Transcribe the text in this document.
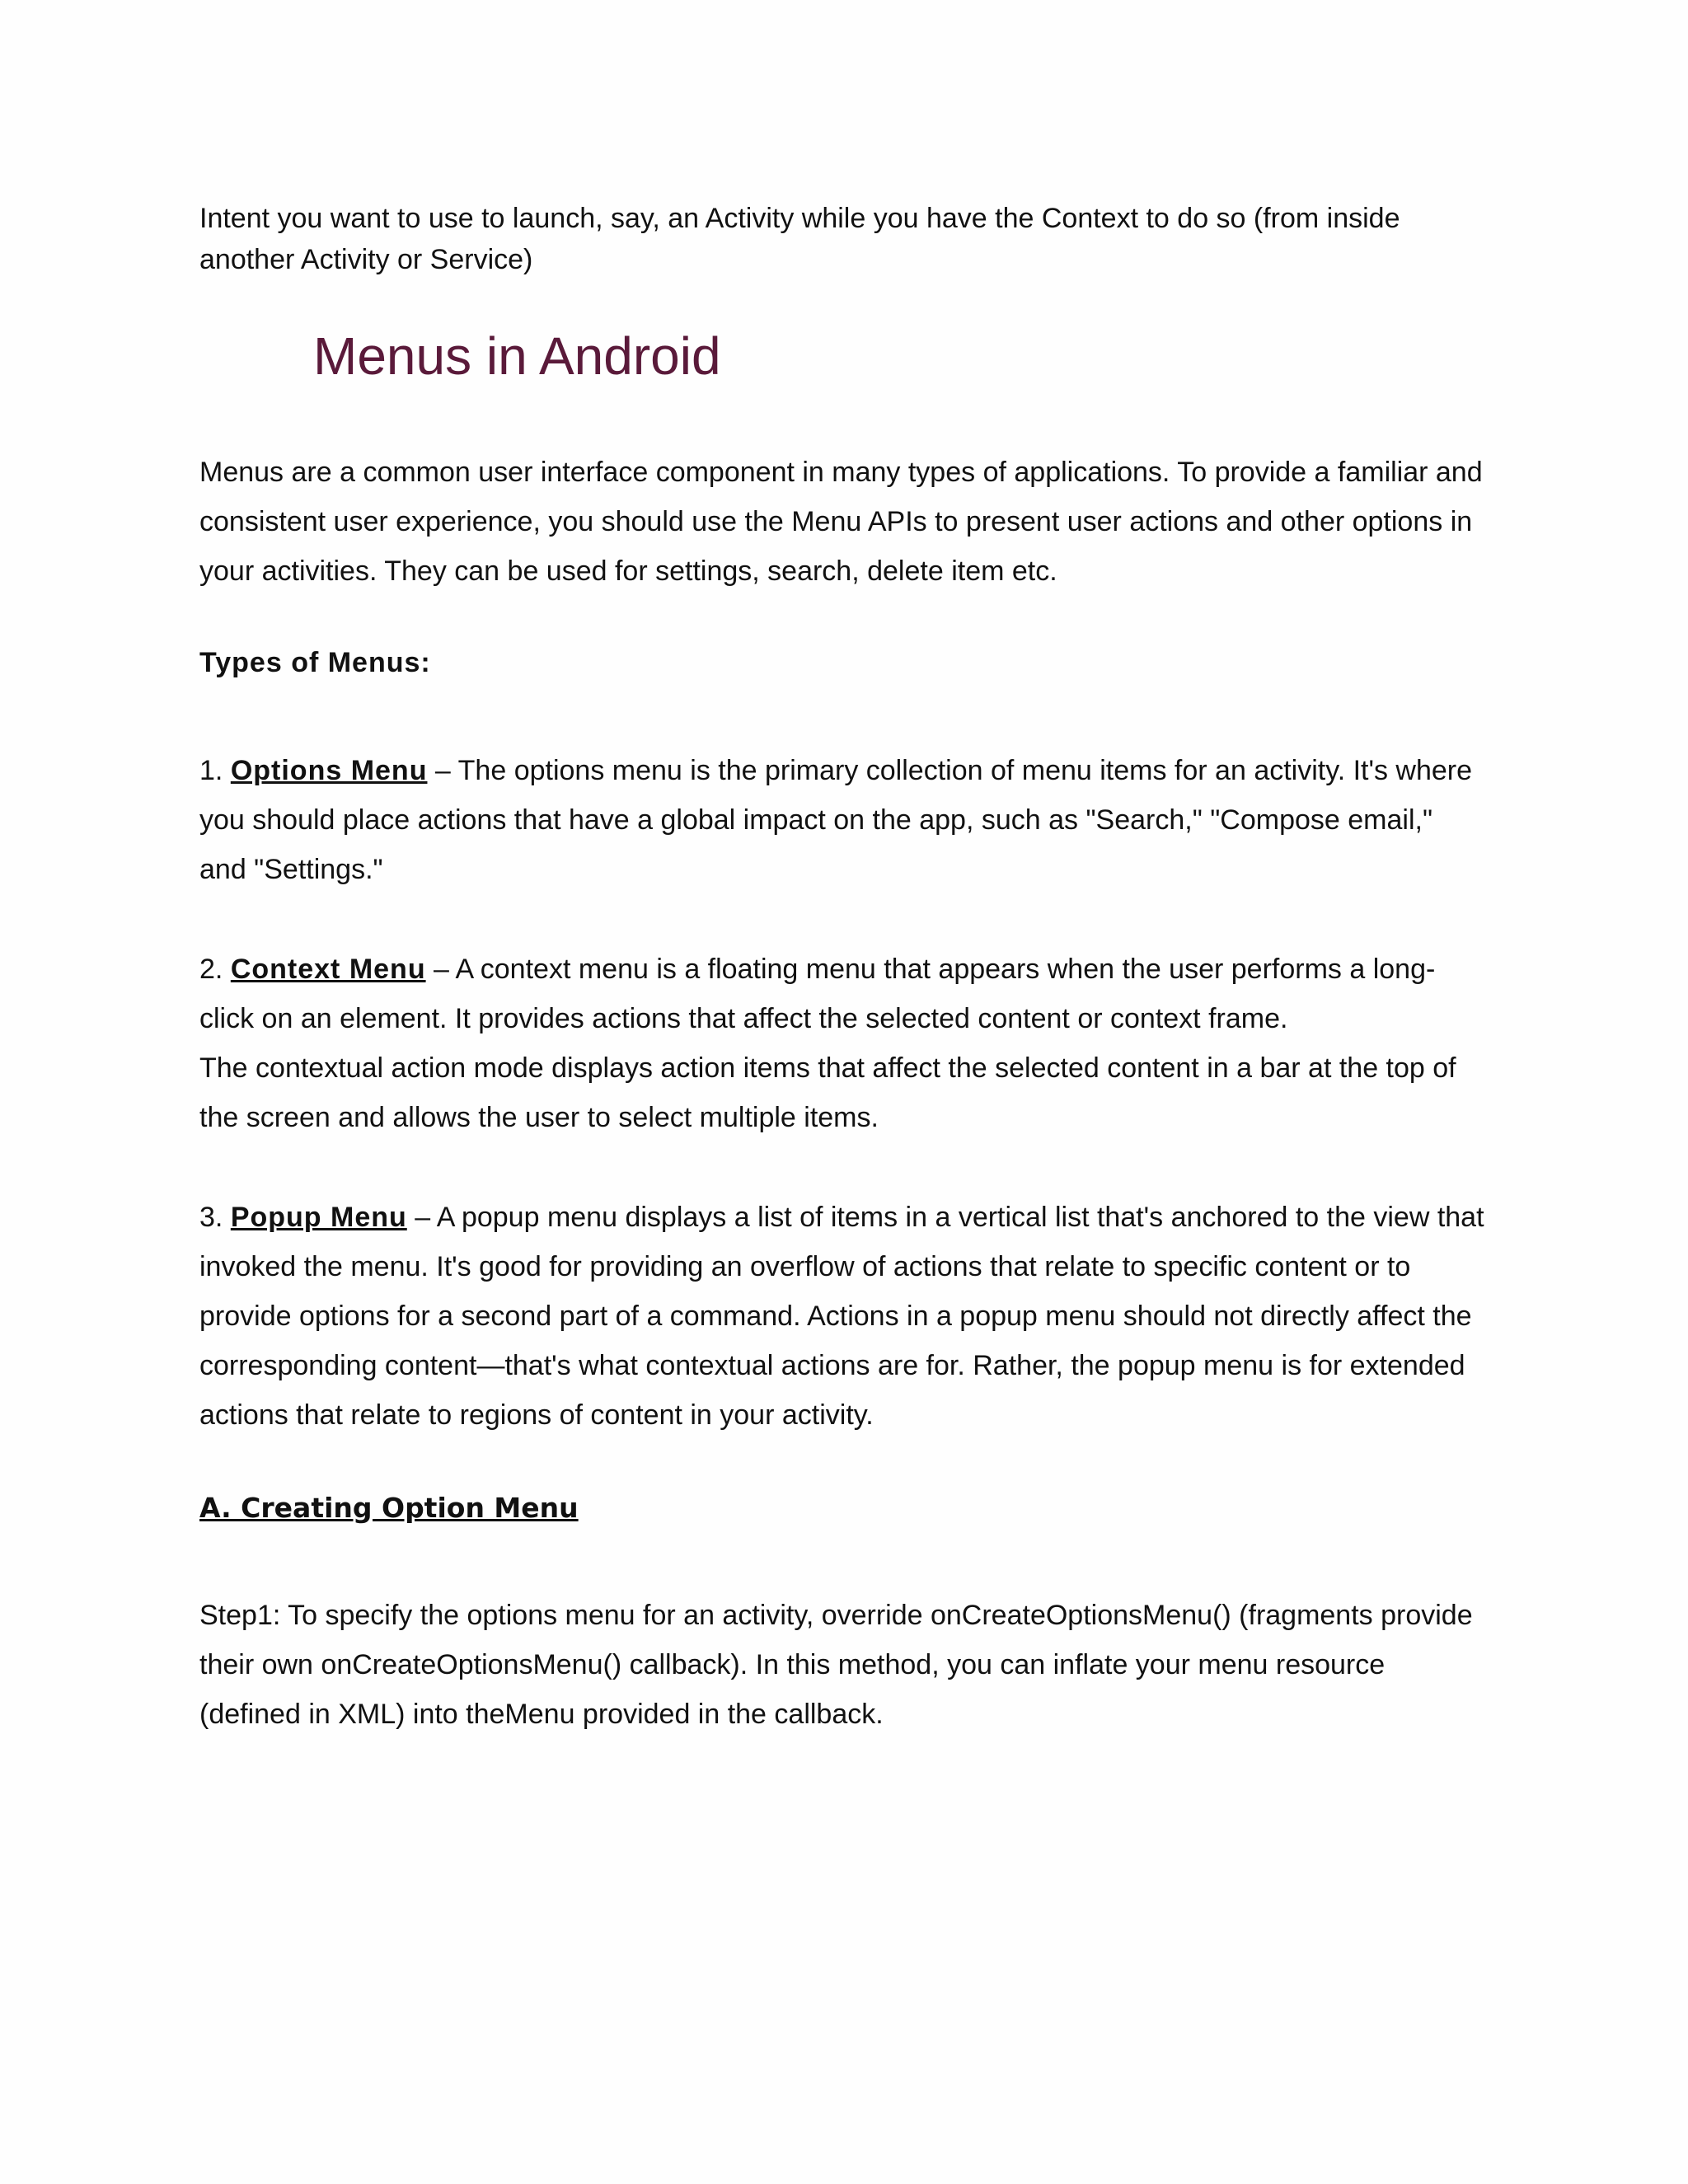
Intent you want to use to launch, say, an Activity while you have the Context to do so (from inside another Activity or Service)

Menus in Android

Menus are a common user interface component in many types of applications. To provide a familiar and consistent user experience, you should use the Menu APIs to present user actions and other options in your activities. They can be used for settings, search, delete item etc.

Types of Menus:

1. Options Menu – The options menu is the primary collection of menu items for an activity. It's where you should place actions that have a global impact on the app, such as "Search," "Compose email," and "Settings."

2. Context Menu – A context menu is a floating menu that appears when the user performs a long-click on an element. It provides actions that affect the selected content or context frame.
The contextual action mode displays action items that affect the selected content in a bar at the top of the screen and allows the user to select multiple items.

3. Popup Menu – A popup menu displays a list of items in a vertical list that's anchored to the view that invoked the menu. It's good for providing an overflow of actions that relate to specific content or to provide options for a second part of a command. Actions in a popup menu should not directly affect the corresponding content—that's what contextual actions are for. Rather, the popup menu is for extended actions that relate to regions of content in your activity.

A. Creating Option Menu

Step1: To specify the options menu for an activity, override onCreateOptionsMenu() (fragments provide their own onCreateOptionsMenu() callback). In this method, you can inflate your menu resource (defined in XML) into theMenu provided in the callback.
